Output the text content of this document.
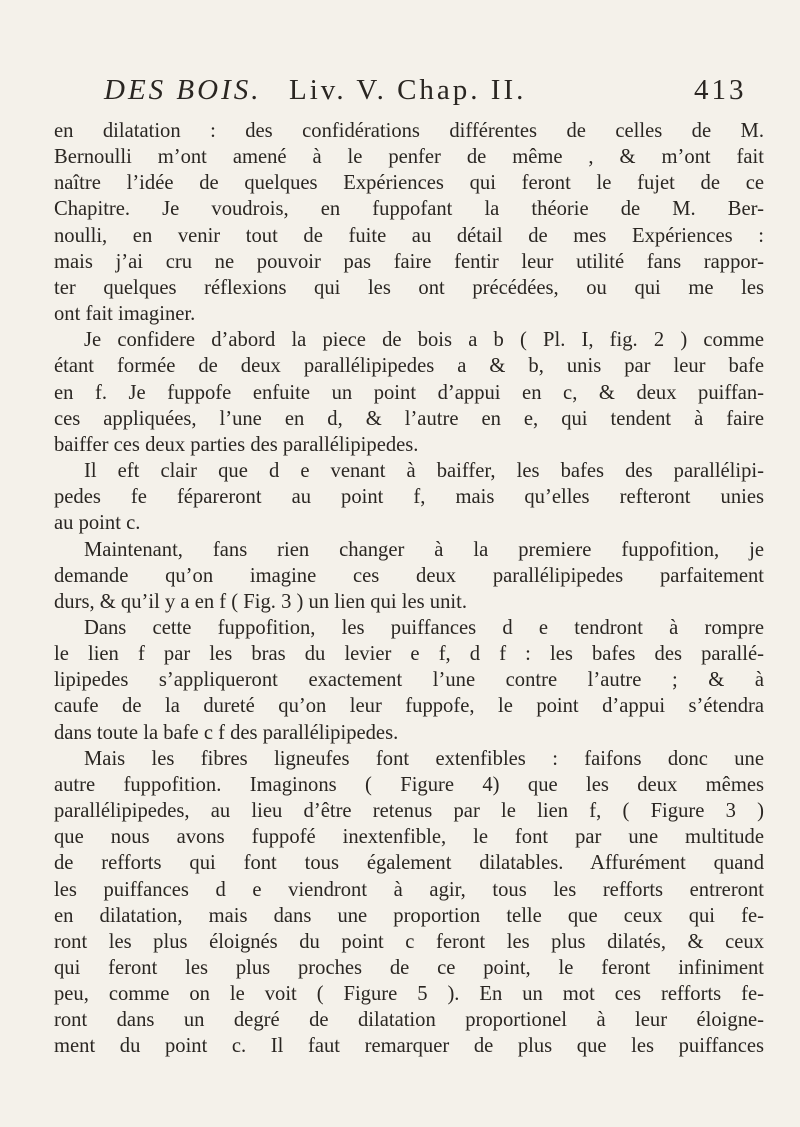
DES BOIS. Liv. V. Chap. II.	413
en dilatation : des confidérations différentes de celles de M.
Bernoulli m’ont amené à le penfer de même , & m’ont fait
naître l’idée de quelques Expériences qui feront le fujet de ce
Chapitre. Je voudrois, en fuppofant la théorie de M. Ber-
noulli, en venir tout de fuite au détail de mes Expériences :
mais j’ai cru ne pouvoir pas faire fentir leur utilité fans rappor-
ter quelques réflexions qui les ont précédées, ou qui me les
ont fait imaginer.
Je confidere d’abord la piece de bois a b ( Pl. I, fig. 2 ) comme
étant formée de deux parallélipipedes a & b, unis par leur bafe
en f. Je fuppofe enfuite un point d’appui en c, & deux puiffan-
ces appliquées, l’une en d, & l’autre en e, qui tendent à faire
baiffer ces deux parties des parallélipipedes.
Il eft clair que d e venant à baiffer, les bafes des parallélipi-
pedes fe fépareront au point f, mais qu’elles refteront unies
au point c.
Maintenant, fans rien changer à la premiere fuppofition, je
demande qu’on imagine ces deux parallélipipedes parfaitement
durs, & qu’il y a en f ( Fig. 3 ) un lien qui les unit.
Dans cette fuppofition, les puiffances d e tendront à rompre
le lien f par les bras du levier e f, d f : les bafes des parallé-
lipipedes s’appliqueront exactement l’une contre l’autre ; & à
caufe de la dureté qu’on leur fuppofe, le point d’appui s’étendra
dans toute la bafe c f des parallélipipedes.
Mais les fibres ligneufes font extenfibles : faifons donc une
autre fuppofition. Imaginons ( Figure 4) que les deux mêmes
parallélipipedes, au lieu d’être retenus par le lien f, ( Figure 3 )
que nous avons fuppofé inextenfible, le font par une multitude
de refforts qui font tous également dilatables. Affurément quand
les puiffances d e viendront à agir, tous les refforts entreront
en dilatation, mais dans une proportion telle que ceux qui fe-
ront les plus éloignés du point c feront les plus dilatés, & ceux
qui feront les plus proches de ce point, le feront infiniment
peu, comme on le voit ( Figure 5 ). En un mot ces refforts fe-
ront dans un degré de dilatation proportionel à leur éloigne-
ment du point c. Il faut remarquer de plus que les puiffances
